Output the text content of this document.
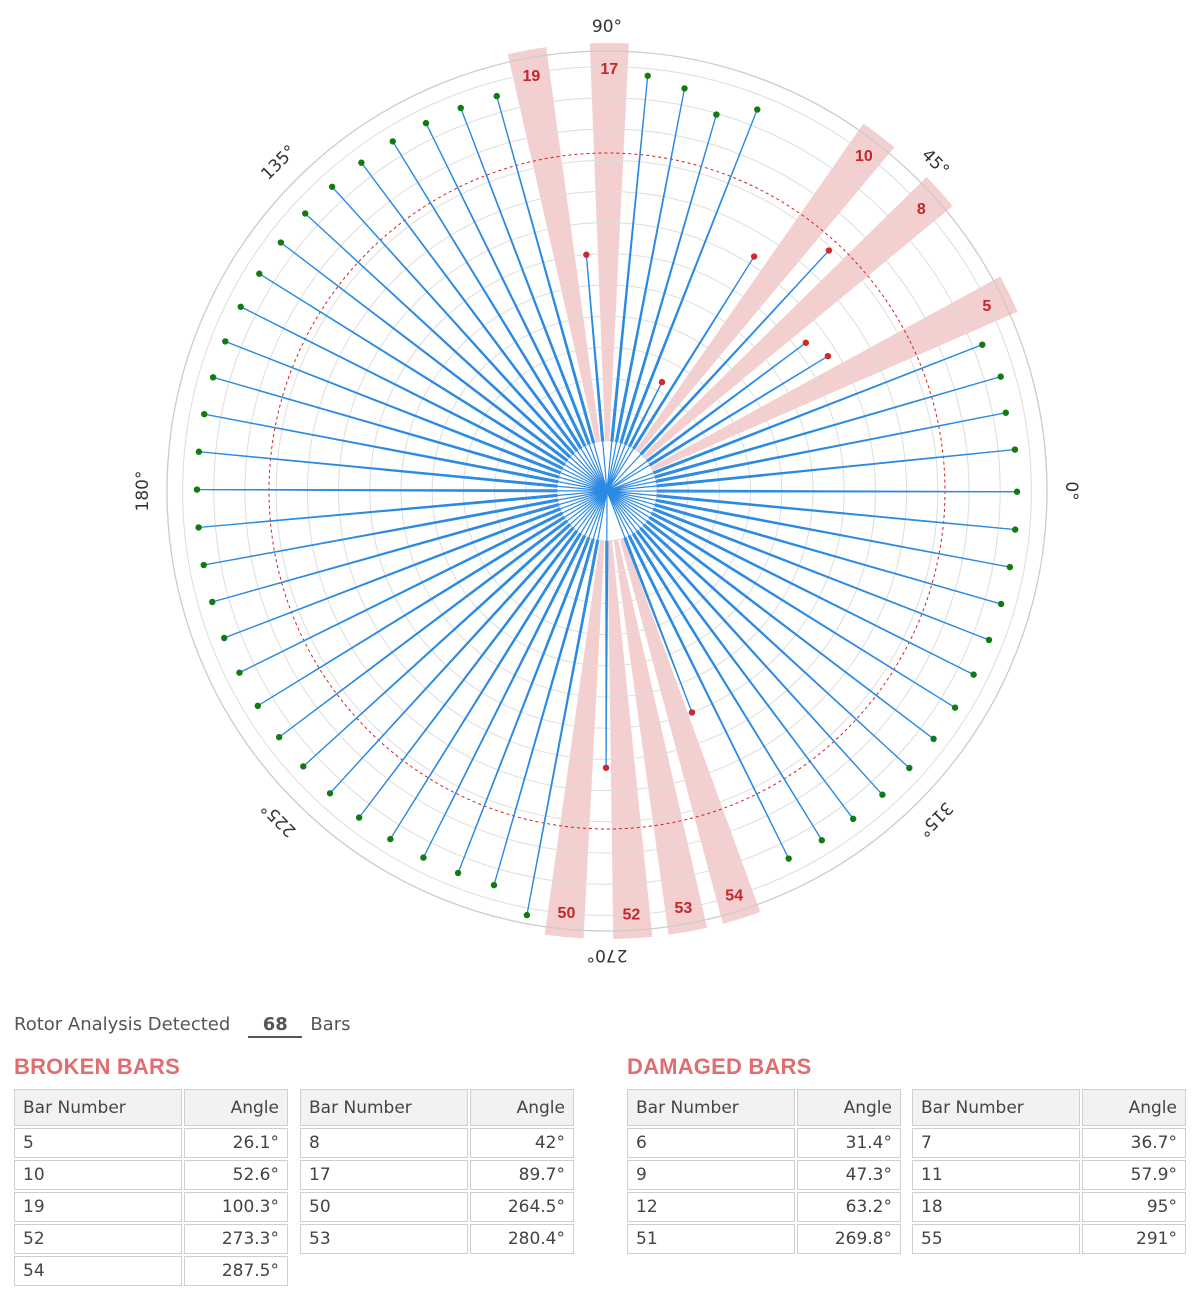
0°
45°
90°
135°
180°
225°
270°
315°
5
8
10
17
19
50	52 53
54
Rotor Analysis Detected 68 Bars
BROKEN BARS	DAMAGED BARS
Bar Number	Angle
5	26.1°
10	52.6°
19	100.3°
52	273.3°
54	287.5°
Bar Number	Angle
8	42°
17	89.7°
50	264.5°
53	280.4°
Bar Number	Angle
6	31.4°
9	47.3°
12	63.2°
51	269.8°
Bar Number	Angle
7	36.7°
11	57.9°
18	95°
55	291°
